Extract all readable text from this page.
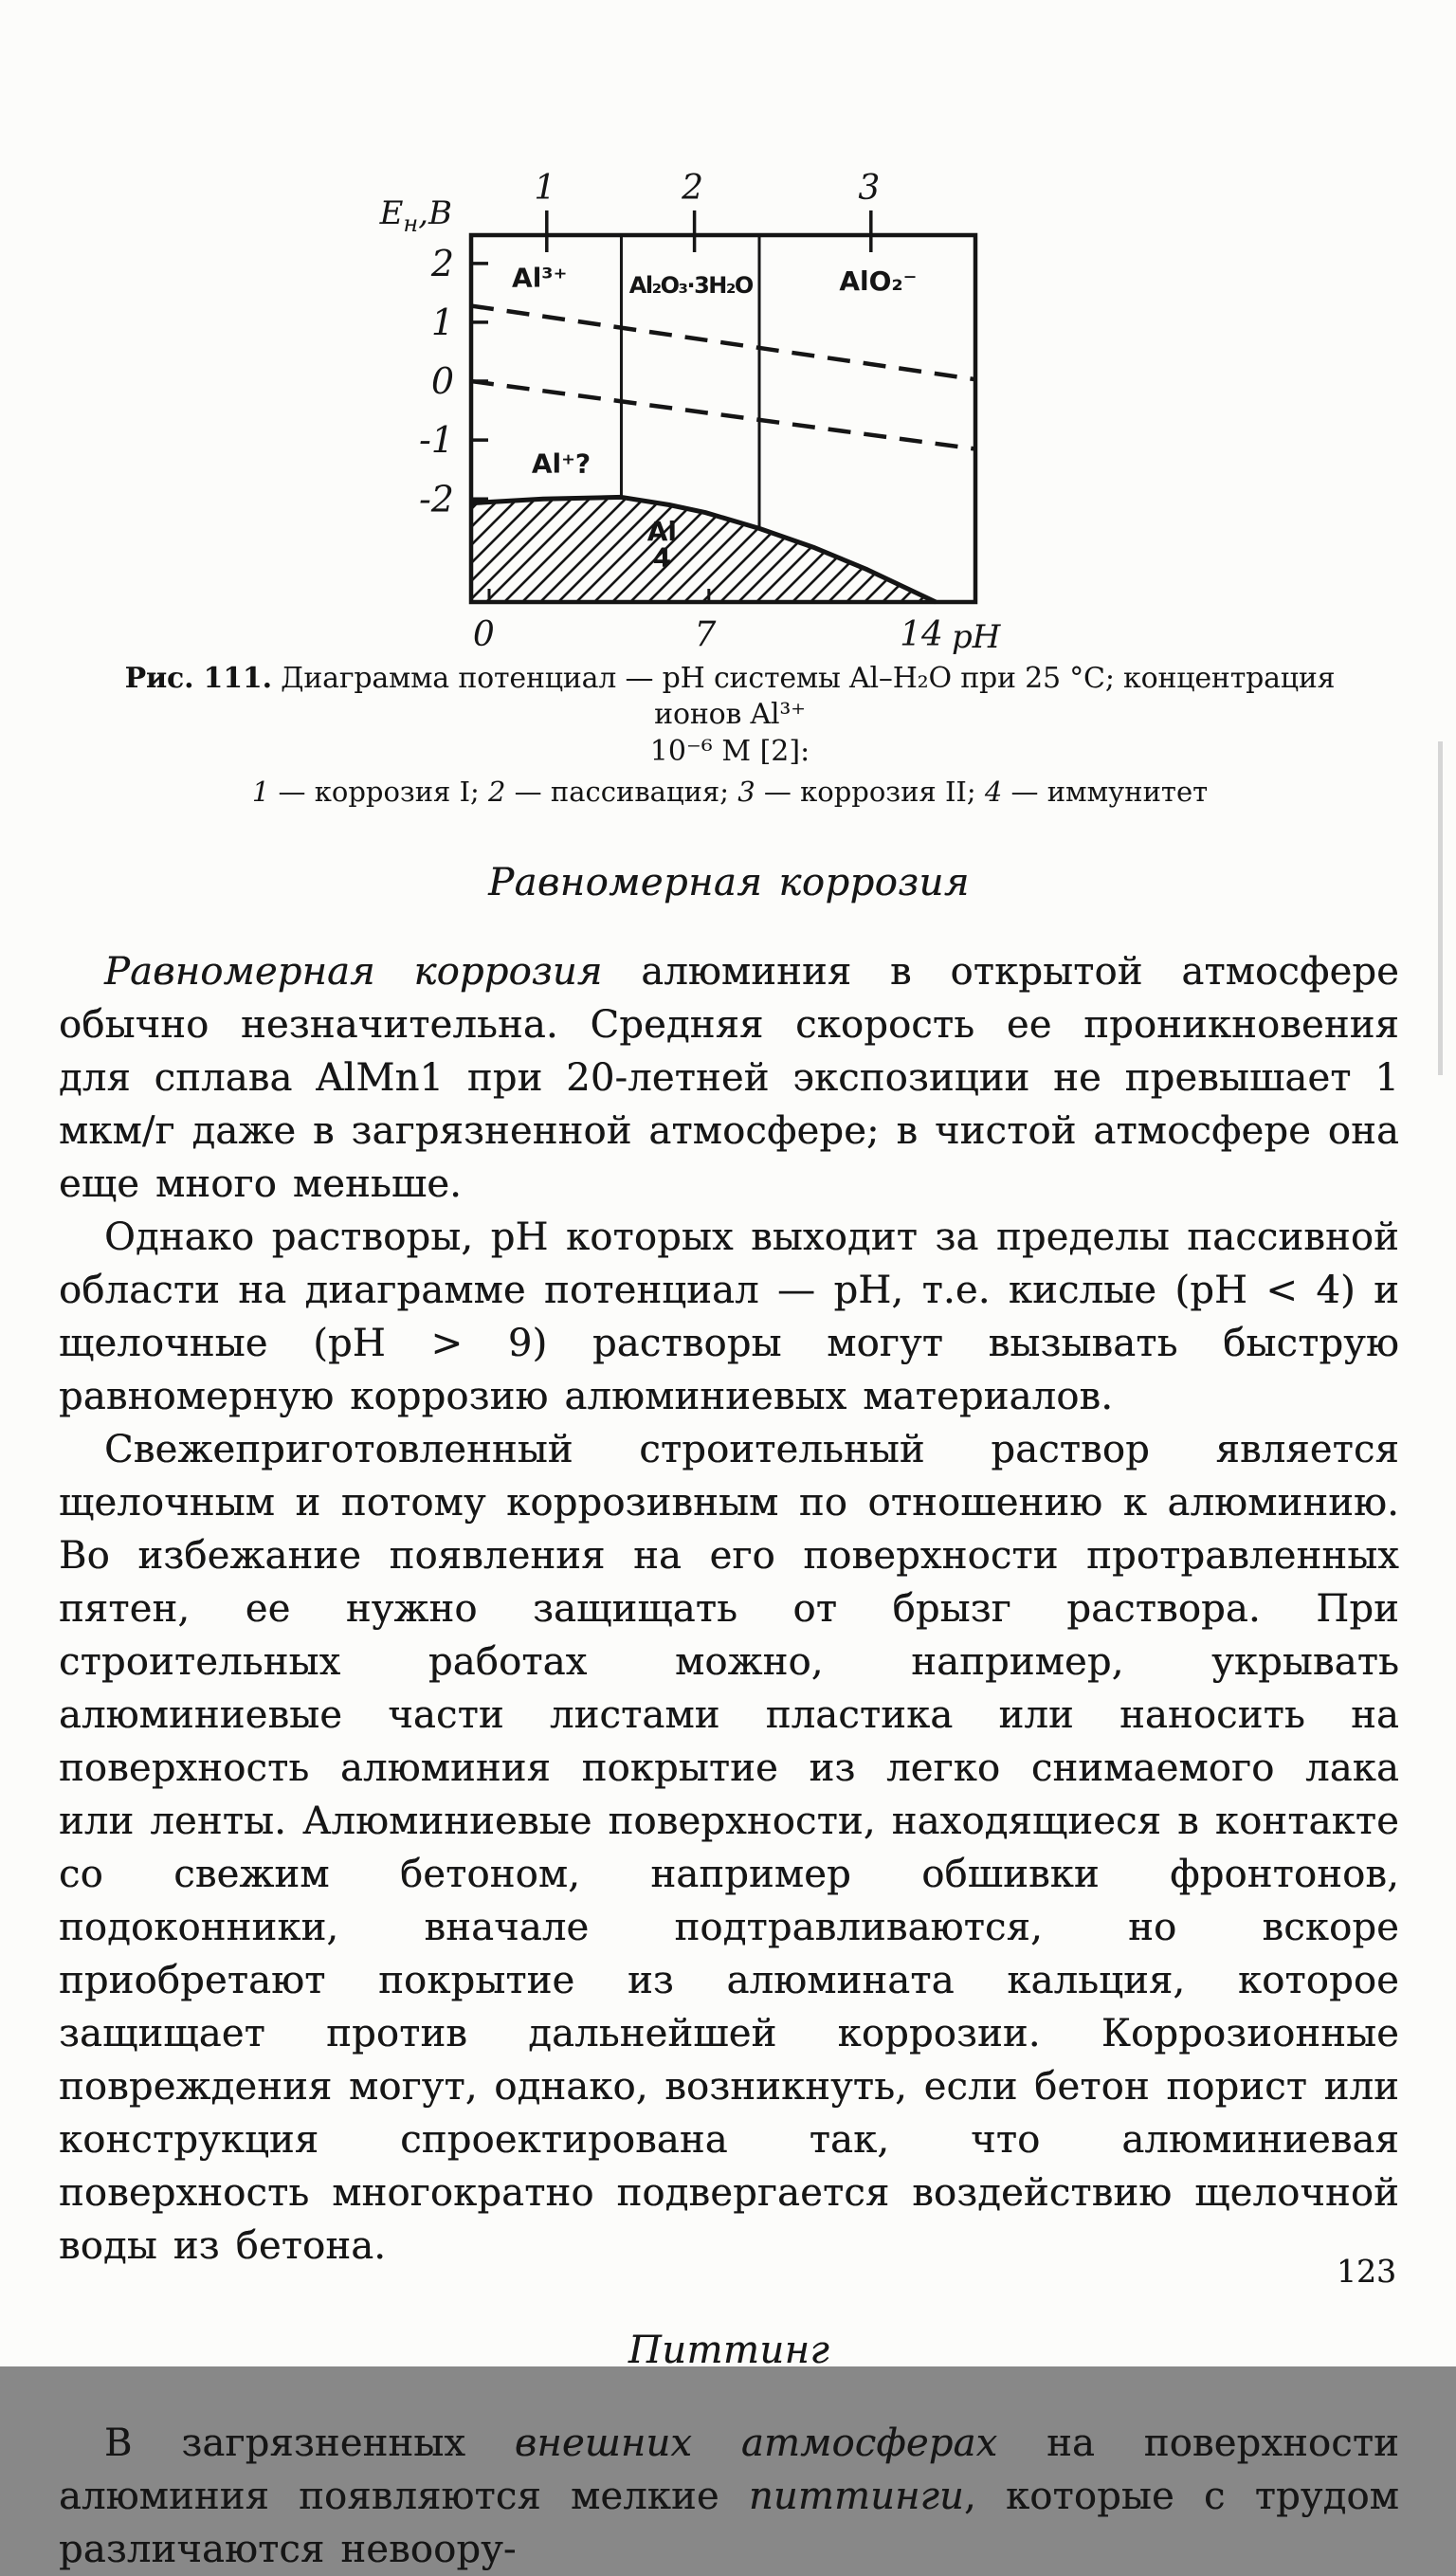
2
1
0
-1
-2
1	2	3
0	7	14 pH
$Е_н,В$
Al³⁺	Al₂O₃·3H₂O	AlO₂⁻
Al⁺?
Al
4
Рис. 111. Диаграмма потенциал — pH системы Al–H₂O при 25 °С; концентрация ионов Al³⁺
10⁻⁶ М [2]:
1 — коррозия I; 2 — пассивация; 3 — коррозия II; 4 — иммунитет
Равномерная коррозия

Равномерная коррозия алюминия в открытой атмосфере обычно незначительна. Средняя скорость ее проникновения для сплава AlMn1 при 20-летней экспозиции не превышает 1 мкм/г даже в загрязненной атмосфере; в чистой атмосфере она еще много меньше.

Однако растворы, pH которых выходит за пределы пассивной области на диаграмме потенциал — pH, т.е. кислые (pH < 4) и щелочные (pH > 9) растворы могут вызывать быструю равномерную коррозию алюминиевых материалов.

Свежеприготовленный строительный раствор является щелочным и потому коррозивным по отношению к алюминию. Во избежание появления на его поверхности протравленных пятен, ее нужно защищать от брызг раствора. При строительных работах можно, например, укрывать алюминиевые части листами пластика или наносить на поверхность алюминия покрытие из легко снимаемого лака или ленты. Алюминиевые поверхности, находящиеся в контакте со свежим бетоном, например обшивки фронтонов, подоконники, вначале подтравливаются, но вскоре приобретают покрытие из алюмината кальция, которое защищает против дальнейшей коррозии. Коррозионные повреждения могут, однако, возникнуть, если бетон порист или конструкция спроектирована так, что алюминиевая поверхность многократно подвергается воздействию щелочной воды из бетона.

Питтинг

В загрязненных внешних атмосферах на поверхности алюминия появляются мелкие питтинги, которые с трудом различаются невоору-

123
